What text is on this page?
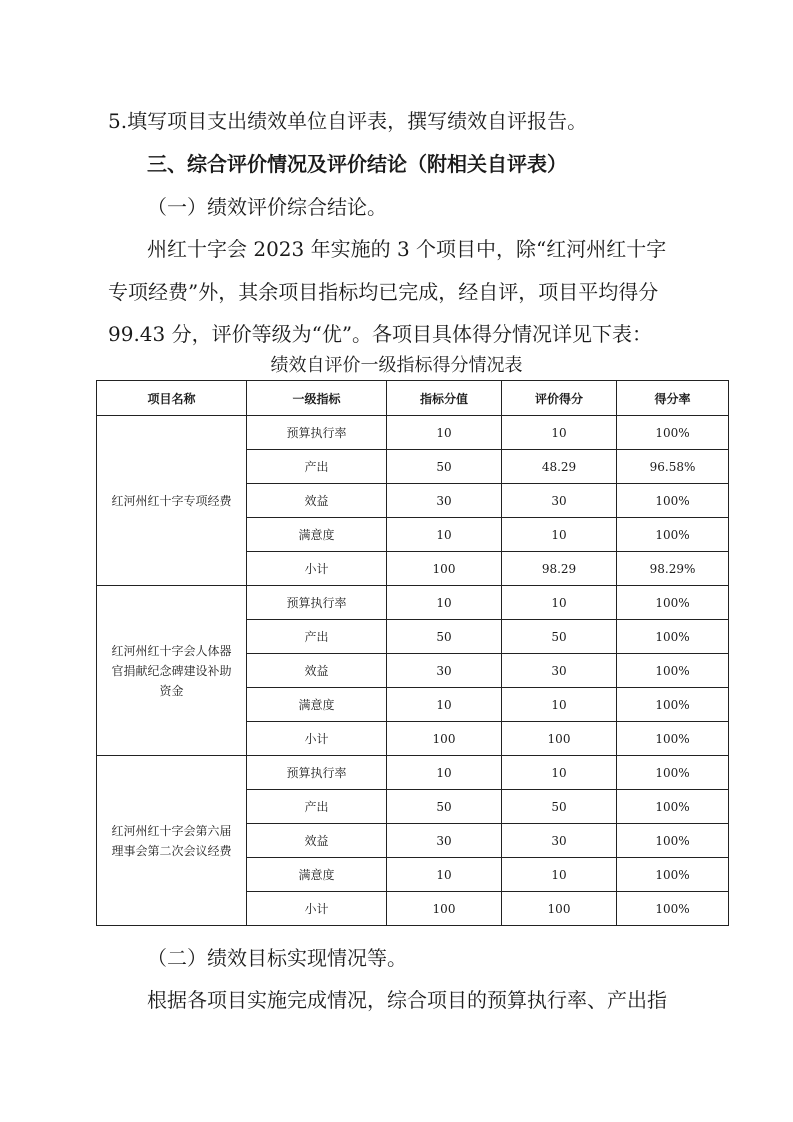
5.填写项目支出绩效单位自评表，撰写绩效自评报告。
三、综合评价情况及评价结论（附相关自评表）
（一）绩效评价综合结论。
州红十字会 2023 年实施的 3 个项目中，除“红河州红十字
专项经费”外，其余项目指标均已完成，经自评，项目平均得分
99.43 分，评价等级为“优”。各项目具体得分情况详见下表：
绩效自评价一级指标得分情况表
项目名称	一级指标	指标分值	评价得分	得分率

红河州红十字专项经费	预算执行率	10	10	100%
	产出	50	48.29	96.58%
	效益	30	30	100%
	满意度	10	10	100%
	小计	100	98.29	98.29%

红河州红十字会人体器
官捐献纪念碑建设补助
资金	预算执行率	10	10	100%
	产出	50	50	100%
	效益	30	30	100%
	满意度	10	10	100%
	小计	100	100	100%

红河州红十字会第六届
理事会第二次会议经费	预算执行率	10	10	100%
	产出	50	50	100%
	效益	30	30	100%
	满意度	10	10	100%
	小计	100	100	100%
（二）绩效目标实现情况等。
根据各项目实施完成情况，综合项目的预算执行率、产出指
